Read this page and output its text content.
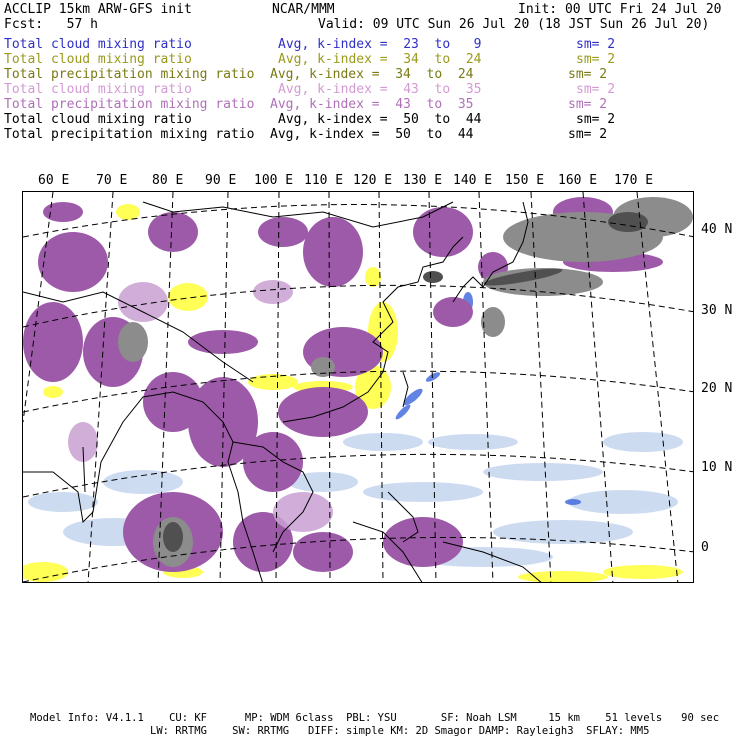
ACCLIP 15km ARW-GFS init	NCAR/MMM	Init: 00 UTC Fri 24 Jul 20
Fcst:   57 h	Valid: 09 UTC Sun 26 Jul 20 (18 JST Sun 26 Jul 20)
Total cloud mixing ratio	Avg, k-index =  23  to   9	sm= 2
Total cloud mixing ratio	Avg, k-index =  34  to  24	sm= 2
Total precipitation mixing ratio Avg, k-index =  34  to  24	sm= 2
Total cloud mixing ratio	Avg, k-index =  43  to  35	sm= 2
Total precipitation mixing ratio Avg, k-index =  43  to  35	sm= 2
Total cloud mixing ratio	Avg, k-index =  50  to  44	sm= 2
Total precipitation mixing ratio Avg, k-index =  50  to  44	sm= 2
60 E 70 E 80 E 90 E 100 E 110 E 120 E 130 E 140 E 150 E 160 E 170 E
40 N
30 N
20 N
10 N
0
Model Info: V4.1.1    CU: KF      MP: WDM 6class  PBL: YSU       SF: Noah LSM     15 km    51 levels   90 sec
LW: RRTMG    SW: RRTMG   DIFF: simple KM: 2D Smagor DAMP: Rayleigh3  SFLAY: MM5
